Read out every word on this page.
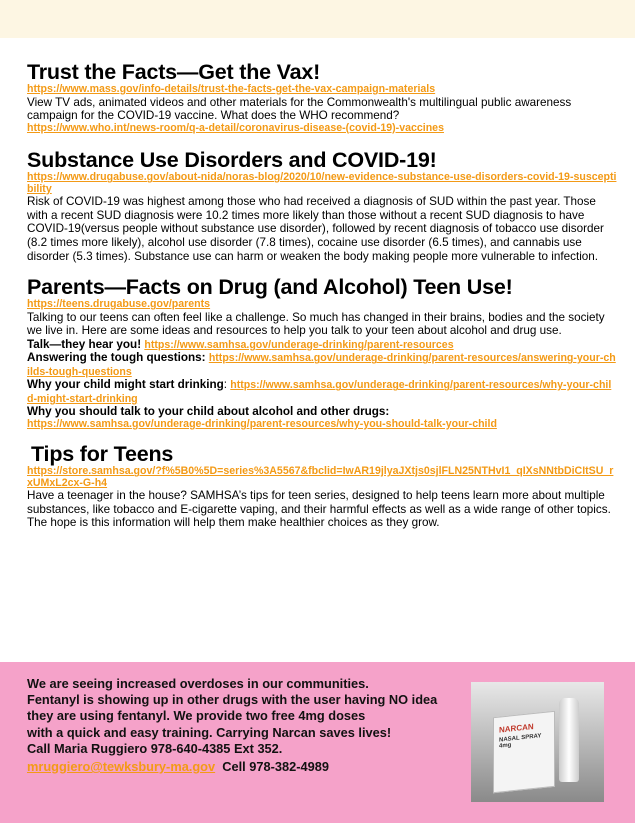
Trust the Facts—Get the Vax!
https://www.mass.gov/info-details/trust-the-facts-get-the-vax-campaign-materials

View TV ads, animated videos and other materials for the Commonwealth's multilingual public awareness campaign for the COVID-19 vaccine. What does the WHO recommend?

https://www.who.int/news-room/q-a-detail/coronavirus-disease-(covid-19)-vaccines
Substance Use Disorders and COVID-19!
https://www.drugabuse.gov/about-nida/noras-blog/2020/10/new-evidence-substance-use-disorders-covid-19-susceptibility

Risk of COVID-19 was highest among those who had received a diagnosis of SUD within the past year. Those with a recent SUD diagnosis were 10.2 times more likely than those without a recent SUD diagnosis to have COVID-19(versus people without substance use disorder), followed by recent diagnosis of tobacco use disorder (8.2 times more likely), alcohol use disorder (7.8 times), cocaine use disorder (6.5 times), and cannabis use disorder (5.3 times). Substance use can harm or weaken the body making people more vulnerable to infection.

Parents—Facts on Drug (and Alcohol) Teen Use!
https://teens.drugabuse.gov/parents

Talking to our teens can often feel like a challenge. So much has changed in their brains, bodies and the society we live in. Here are some ideas and resources to help you talk to your teen about alcohol and drug use.

Talk—they hear you! https://www.samhsa.gov/underage-drinking/parent-resources
Answering the tough questions: https://www.samhsa.gov/underage-drinking/parent-resources/answering-your-childs-tough-questions
Why your child might start drinking: https://www.samhsa.gov/underage-drinking/parent-resources/why-your-child-might-start-drinking
Why you should talk to your child about alcohol and other drugs:
https://www.samhsa.gov/underage-drinking/parent-resources/why-you-should-talk-your-child
Tips for Teens
https://store.samhsa.gov/?f%5B0%5D=series%3A5567&fbclid=IwAR19jlyaJXtjs0sjlFLN25NTHvI1_qIXsNNtbDiCItSU_rxUMxL2cx-G-h4

Have a teenager in the house? SAMHSA’s tips for teen series, designed to help teens learn more about multiple substances, like tobacco and E-cigarette vaping, and their harmful effects as well as a wide range of other topics. The hope is this information will help them make healthier choices as they grow.

We are seeing increased overdoses in our communities.
Fentanyl is showing up in other drugs with the user having NO idea
they are using fentanyl. We provide two free 4mg doses
with a quick and easy training. Carrying Narcan saves lives!
Call Maria Ruggiero 978-640-4385 Ext 352.
mruggiero@tewksbury-ma.gov  Cell 978-382-4989
NARCAN
NASAL SPRAY 4mg
